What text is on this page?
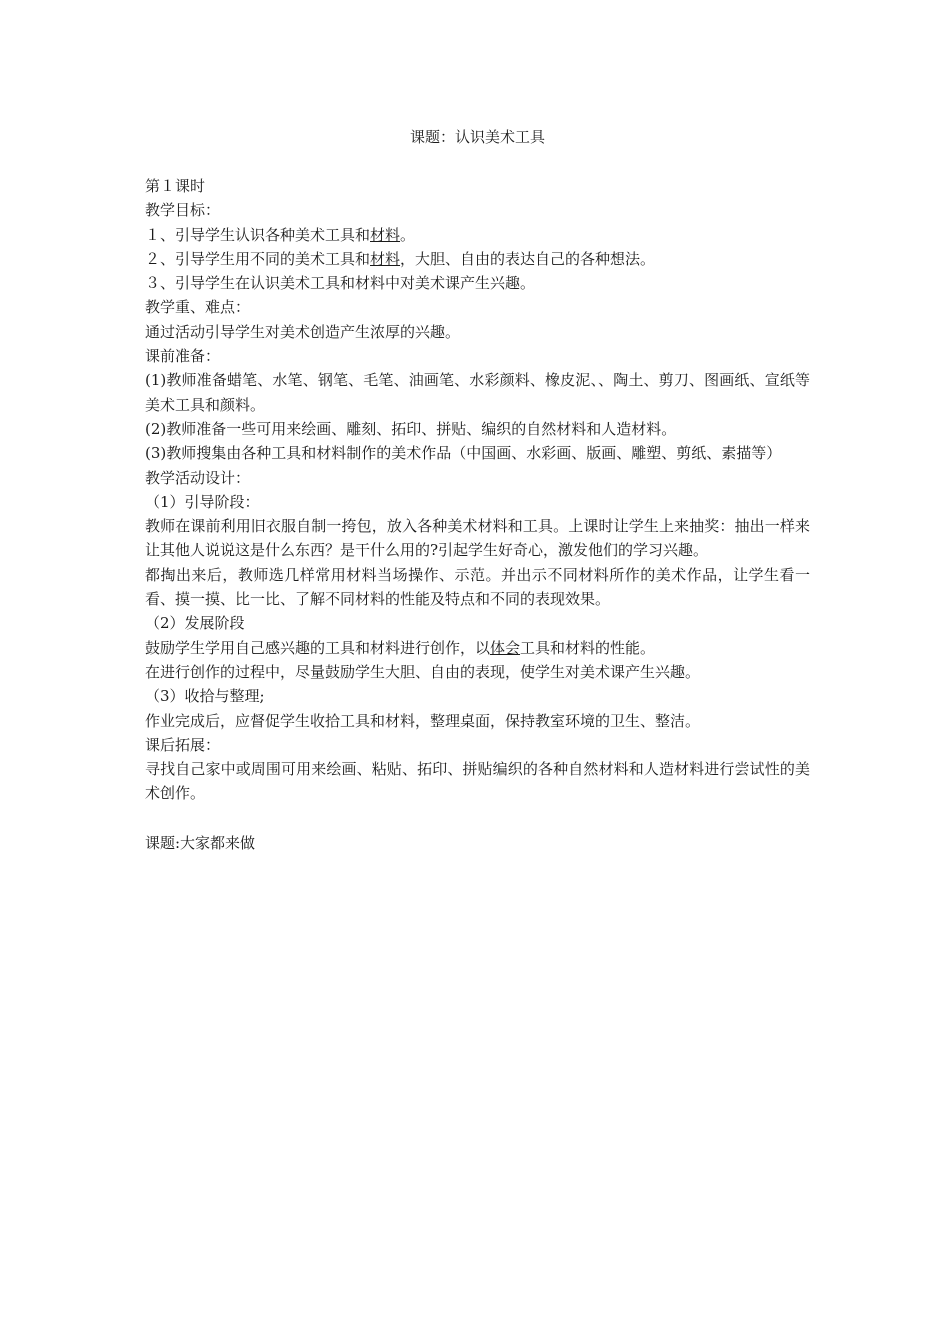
课题：认识美术工具

第１课时

教学目标：

１、引导学生认识各种美术工具和材料。

２、引导学生用不同的美术工具和材料，大胆、自由的表达自己的各种想法。

３、引导学生在认识美术工具和材料中对美术课产生兴趣。

教学重、难点：

通过活动引导学生对美术创造产生浓厚的兴趣。

课前准备：

(1)教师准备蜡笔、水笔、钢笔、毛笔、油画笔、水彩颜料、橡皮泥、、陶土、剪刀、图画纸、宣纸等美术工具和颜料。

(2)教师准备一些可用来绘画、雕刻、拓印、拼贴、编织的自然材料和人造材料。

(3)教师搜集由各种工具和材料制作的美术作品（中国画、水彩画、版画、雕塑、剪纸、素描等）

教学活动设计：

（1）引导阶段：

教师在课前利用旧衣服自制一挎包，放入各种美术材料和工具。上课时让学生上来抽奖：抽出一样来让其他人说说这是什么东西？是干什么用的?引起学生好奇心，激发他们的学习兴趣。

都掏出来后，教师选几样常用材料当场操作、示范。并出示不同材料所作的美术作品，让学生看一看、摸一摸、比一比、了解不同材料的性能及特点和不同的表现效果。

（2）发展阶段

鼓励学生学用自己感兴趣的工具和材料进行创作，以体会工具和材料的性能。

在进行创作的过程中，尽量鼓励学生大胆、自由的表现，使学生对美术课产生兴趣。

（3）收拾与整理;

作业完成后，应督促学生收拾工具和材料，整理桌面，保持教室环境的卫生、整洁。

课后拓展：

寻找自己家中或周围可用来绘画、粘贴、拓印、拼贴编织的各种自然材料和人造材料进行尝试性的美术创作。

课题:大家都来做
